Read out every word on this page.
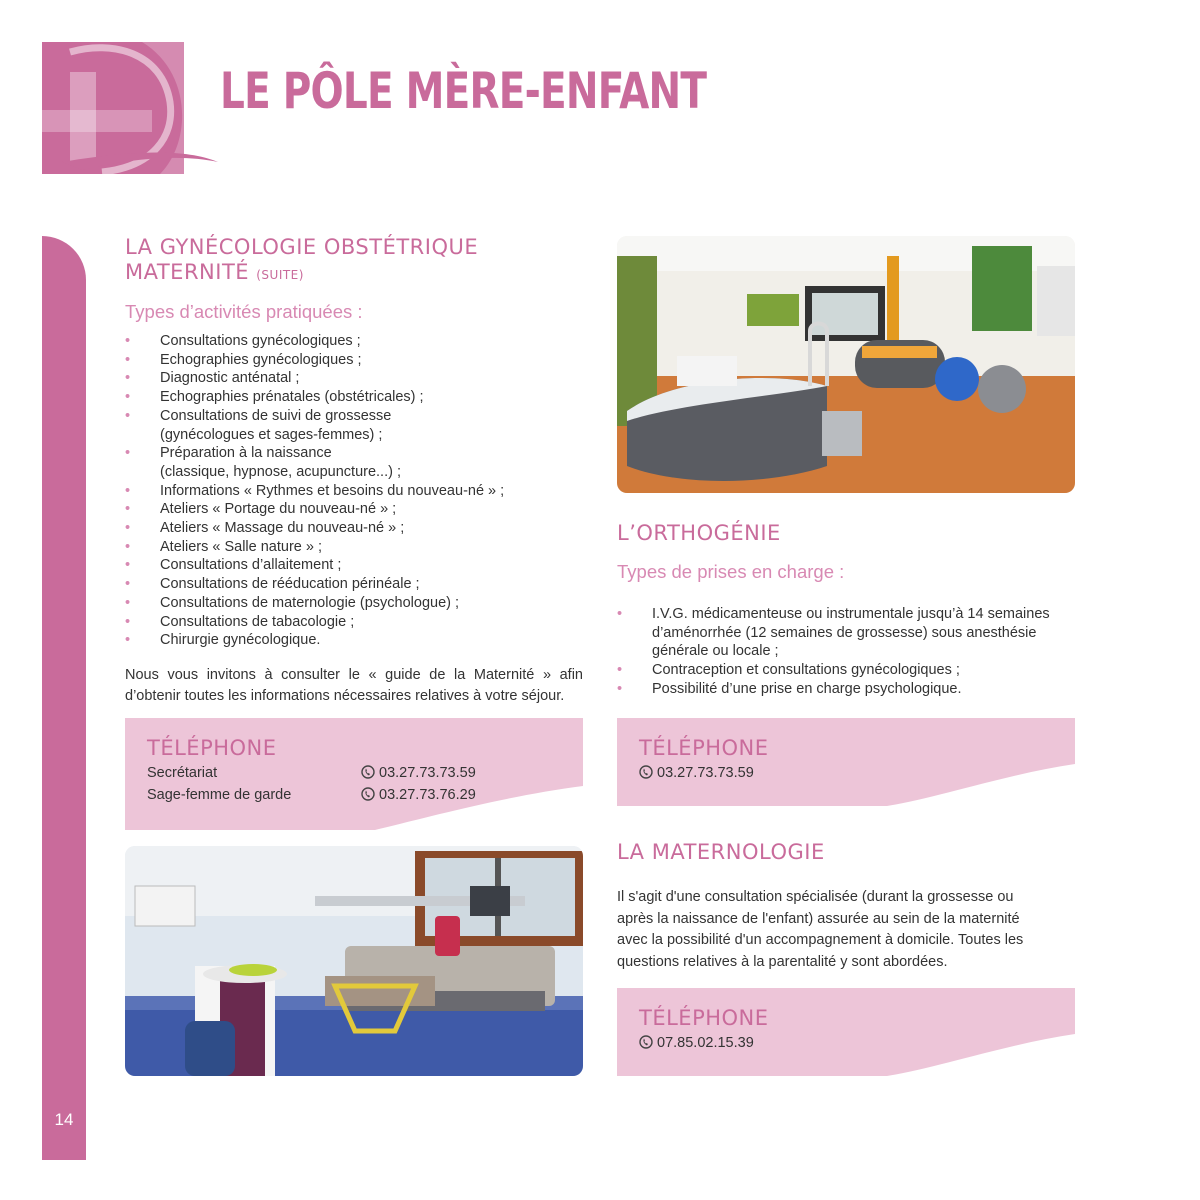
LE PÔLE MÈRE-ENFANT
14
LA GYNÉCOLOGIE OBSTÉTRIQUE
MATERNITÉ (SUITE)
Types d’activités pratiquées :
• Consultations gynécologiques ;
• Echographies gynécologiques ;
• Diagnostic anténatal ;
• Echographies prénatales (obstétricales) ;
• Consultations de suivi de grossesse
(gynécologues et sages-femmes) ;
• Préparation à la naissance
(classique, hypnose, acupuncture...) ;
• Informations « Rythmes et besoins du nouveau-né » ;
• Ateliers « Portage du nouveau-né » ;
• Ateliers « Massage du nouveau-né » ;
• Ateliers « Salle nature » ;
• Consultations d’allaitement ;
• Consultations de rééducation périnéale ;
• Consultations de maternologie (psychologue) ;
• Consultations de tabacologie ;
• Chirurgie gynécologique.
Nous vous invitons à consulter le « guide de la Maternité » afin d’obtenir toutes les informations nécessaires relatives à votre séjour.
TÉLÉPHONE
Secrétariat	03.27.73.73.59
Sage-femme de garde	03.27.73.76.29
L’ORTHOGÉNIE
Types de prises en charge :
• I.V.G. médicamenteuse ou instrumentale jusqu’à 14 semaines
d’aménorrhée (12 semaines de grossesse) sous anesthésie
générale ou locale ;
• Contraception et consultations gynécologiques ;
• Possibilité d’une prise en charge psychologique.
TÉLÉPHONE
03.27.73.73.59
LA MATERNOLOGIE
Il s'agit d'une consultation spécialisée (durant la grossesse ou
après la naissance de l'enfant) assurée au sein de la maternité
avec la possibilité d'un accompagnement à domicile. Toutes les
questions relatives à la parentalité y sont abordées.
TÉLÉPHONE
07.85.02.15.39
